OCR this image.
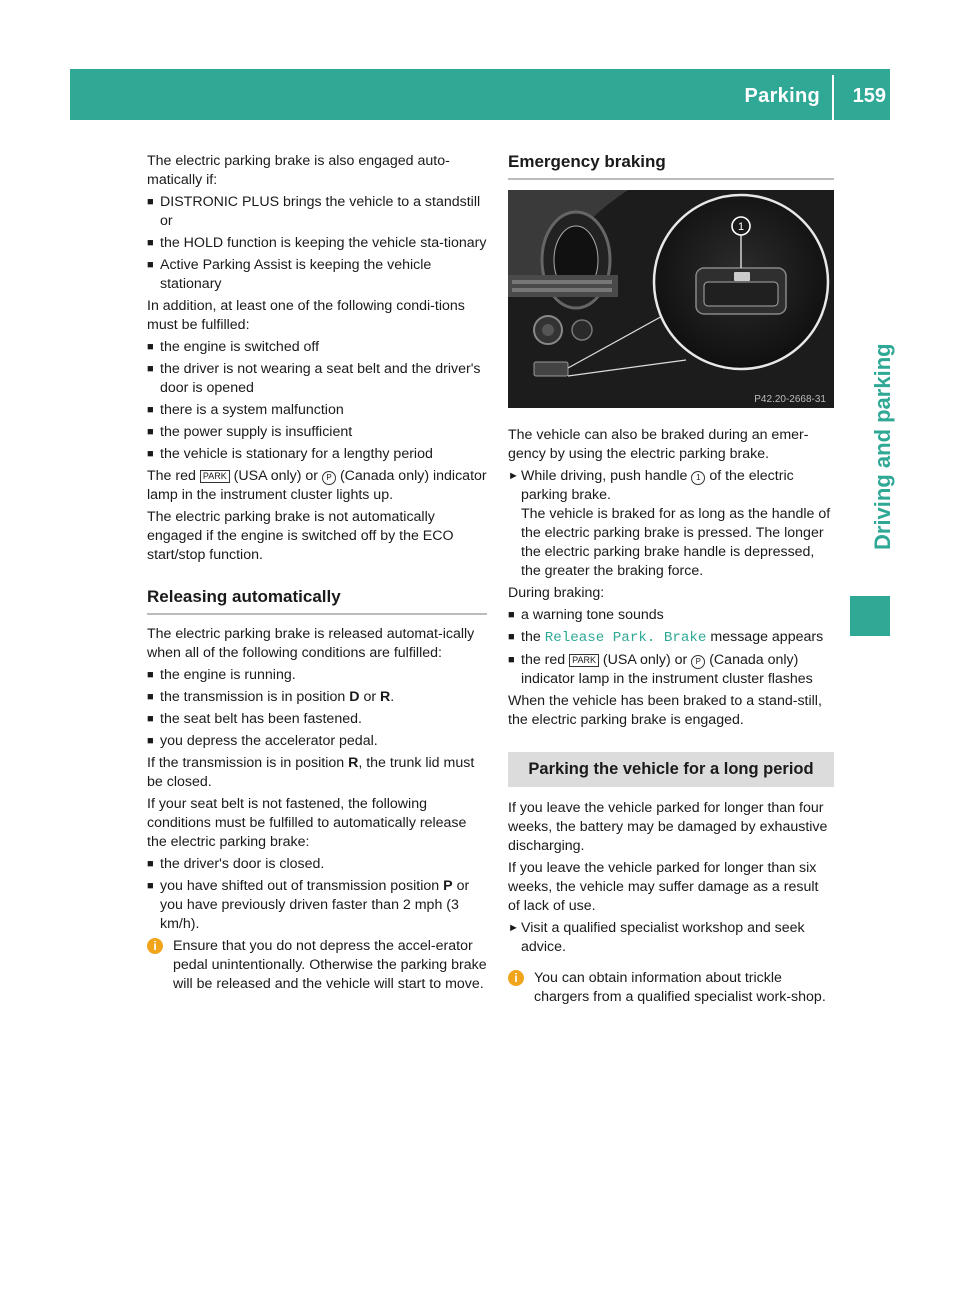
Parking 159
Driving and parking

The electric parking brake is also engaged auto-matically if:

■ DISTRONIC PLUS brings the vehicle to a standstill or
■ the HOLD function is keeping the vehicle sta-tionary
■ Active Parking Assist is keeping the vehicle stationary

In addition, at least one of the following condi-tions must be fulfilled:

■ the engine is switched off
■ the driver is not wearing a seat belt and the driver's door is opened
■ there is a system malfunction
■ the power supply is insufficient
■ the vehicle is stationary for a lengthy period

The red PARK (USA only) or P (Canada only) indicator lamp in the instrument cluster lights up.

The electric parking brake is not automatically engaged if the engine is switched off by the ECO start/stop function.

Releasing automatically

The electric parking brake is released automat-ically when all of the following conditions are fulfilled:

■ the engine is running.
■ the transmission is in position D or R.
■ the seat belt has been fastened.
■ you depress the accelerator pedal.

If the transmission is in position R, the trunk lid must be closed.

If your seat belt is not fastened, the following conditions must be fulfilled to automatically release the electric parking brake:

■ the driver's door is closed.
■ you have shifted out of transmission position P or you have previously driven faster than 2 mph (3 km/h).

i	Ensure that you do not depress the accel-erator pedal unintentionally. Otherwise the parking brake will be released and the vehicle will start to move.

Emergency braking
1
P42.20-2668-31

The vehicle can also be braked during an emer-gency by using the electric parking brake.

► While driving, push handle 1 of the electric parking brake.
The vehicle is braked for as long as the handle of the electric parking brake is pressed. The longer the electric parking brake handle is depressed, the greater the braking force.

During braking:

■ a warning tone sounds
■ the Release Park. Brake message appears
■ the red PARK (USA only) or P (Canada only) indicator lamp in the instrument cluster flashes

When the vehicle has been braked to a stand-still, the electric parking brake is engaged.

Parking the vehicle for a long period

If you leave the vehicle parked for longer than four weeks, the battery may be damaged by exhaustive discharging.

If you leave the vehicle parked for longer than six weeks, the vehicle may suffer damage as a result of lack of use.

► Visit a qualified specialist workshop and seek advice.

i	You can obtain information about trickle chargers from a qualified specialist work-shop.
